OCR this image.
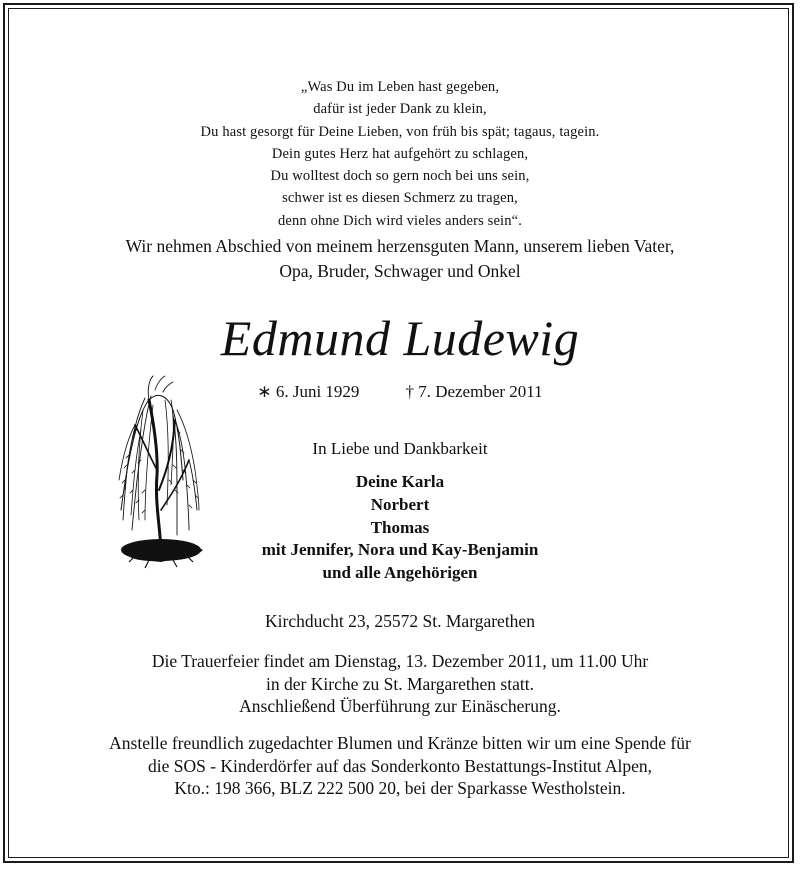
„Was Du im Leben hast gegeben,
dafür ist jeder Dank zu klein,
Du hast gesorgt für Deine Lieben, von früh bis spät; tagaus, tagein.
Dein gutes Herz hat aufgehört zu schlagen,
Du wolltest doch so gern noch bei uns sein,
schwer ist es diesen Schmerz zu tragen,
denn ohne Dich wird vieles anders sein“.
Wir nehmen Abschied von meinem herzensguten Mann, unserem lieben Vater,
Opa, Bruder, Schwager und Onkel
Edmund Ludewig
∗ 6. Juni 1929	† 7. Dezember 2011
In Liebe und Dankbarkeit
Deine Karla
Norbert
Thomas
mit Jennifer, Nora und Kay-Benjamin
und alle Angehörigen
Kirchducht 23, 25572 St. Margarethen
Die Trauerfeier findet am Dienstag, 13. Dezember 2011, um 11.00 Uhr
in der Kirche zu St. Margarethen statt.
Anschließend Überführung zur Einäscherung.
Anstelle freundlich zugedachter Blumen und Kränze bitten wir um eine Spende für
die SOS - Kinderdörfer auf das Sonderkonto Bestattungs-Institut Alpen,
Kto.: 198 366, BLZ 222 500 20, bei der Sparkasse Westholstein.
